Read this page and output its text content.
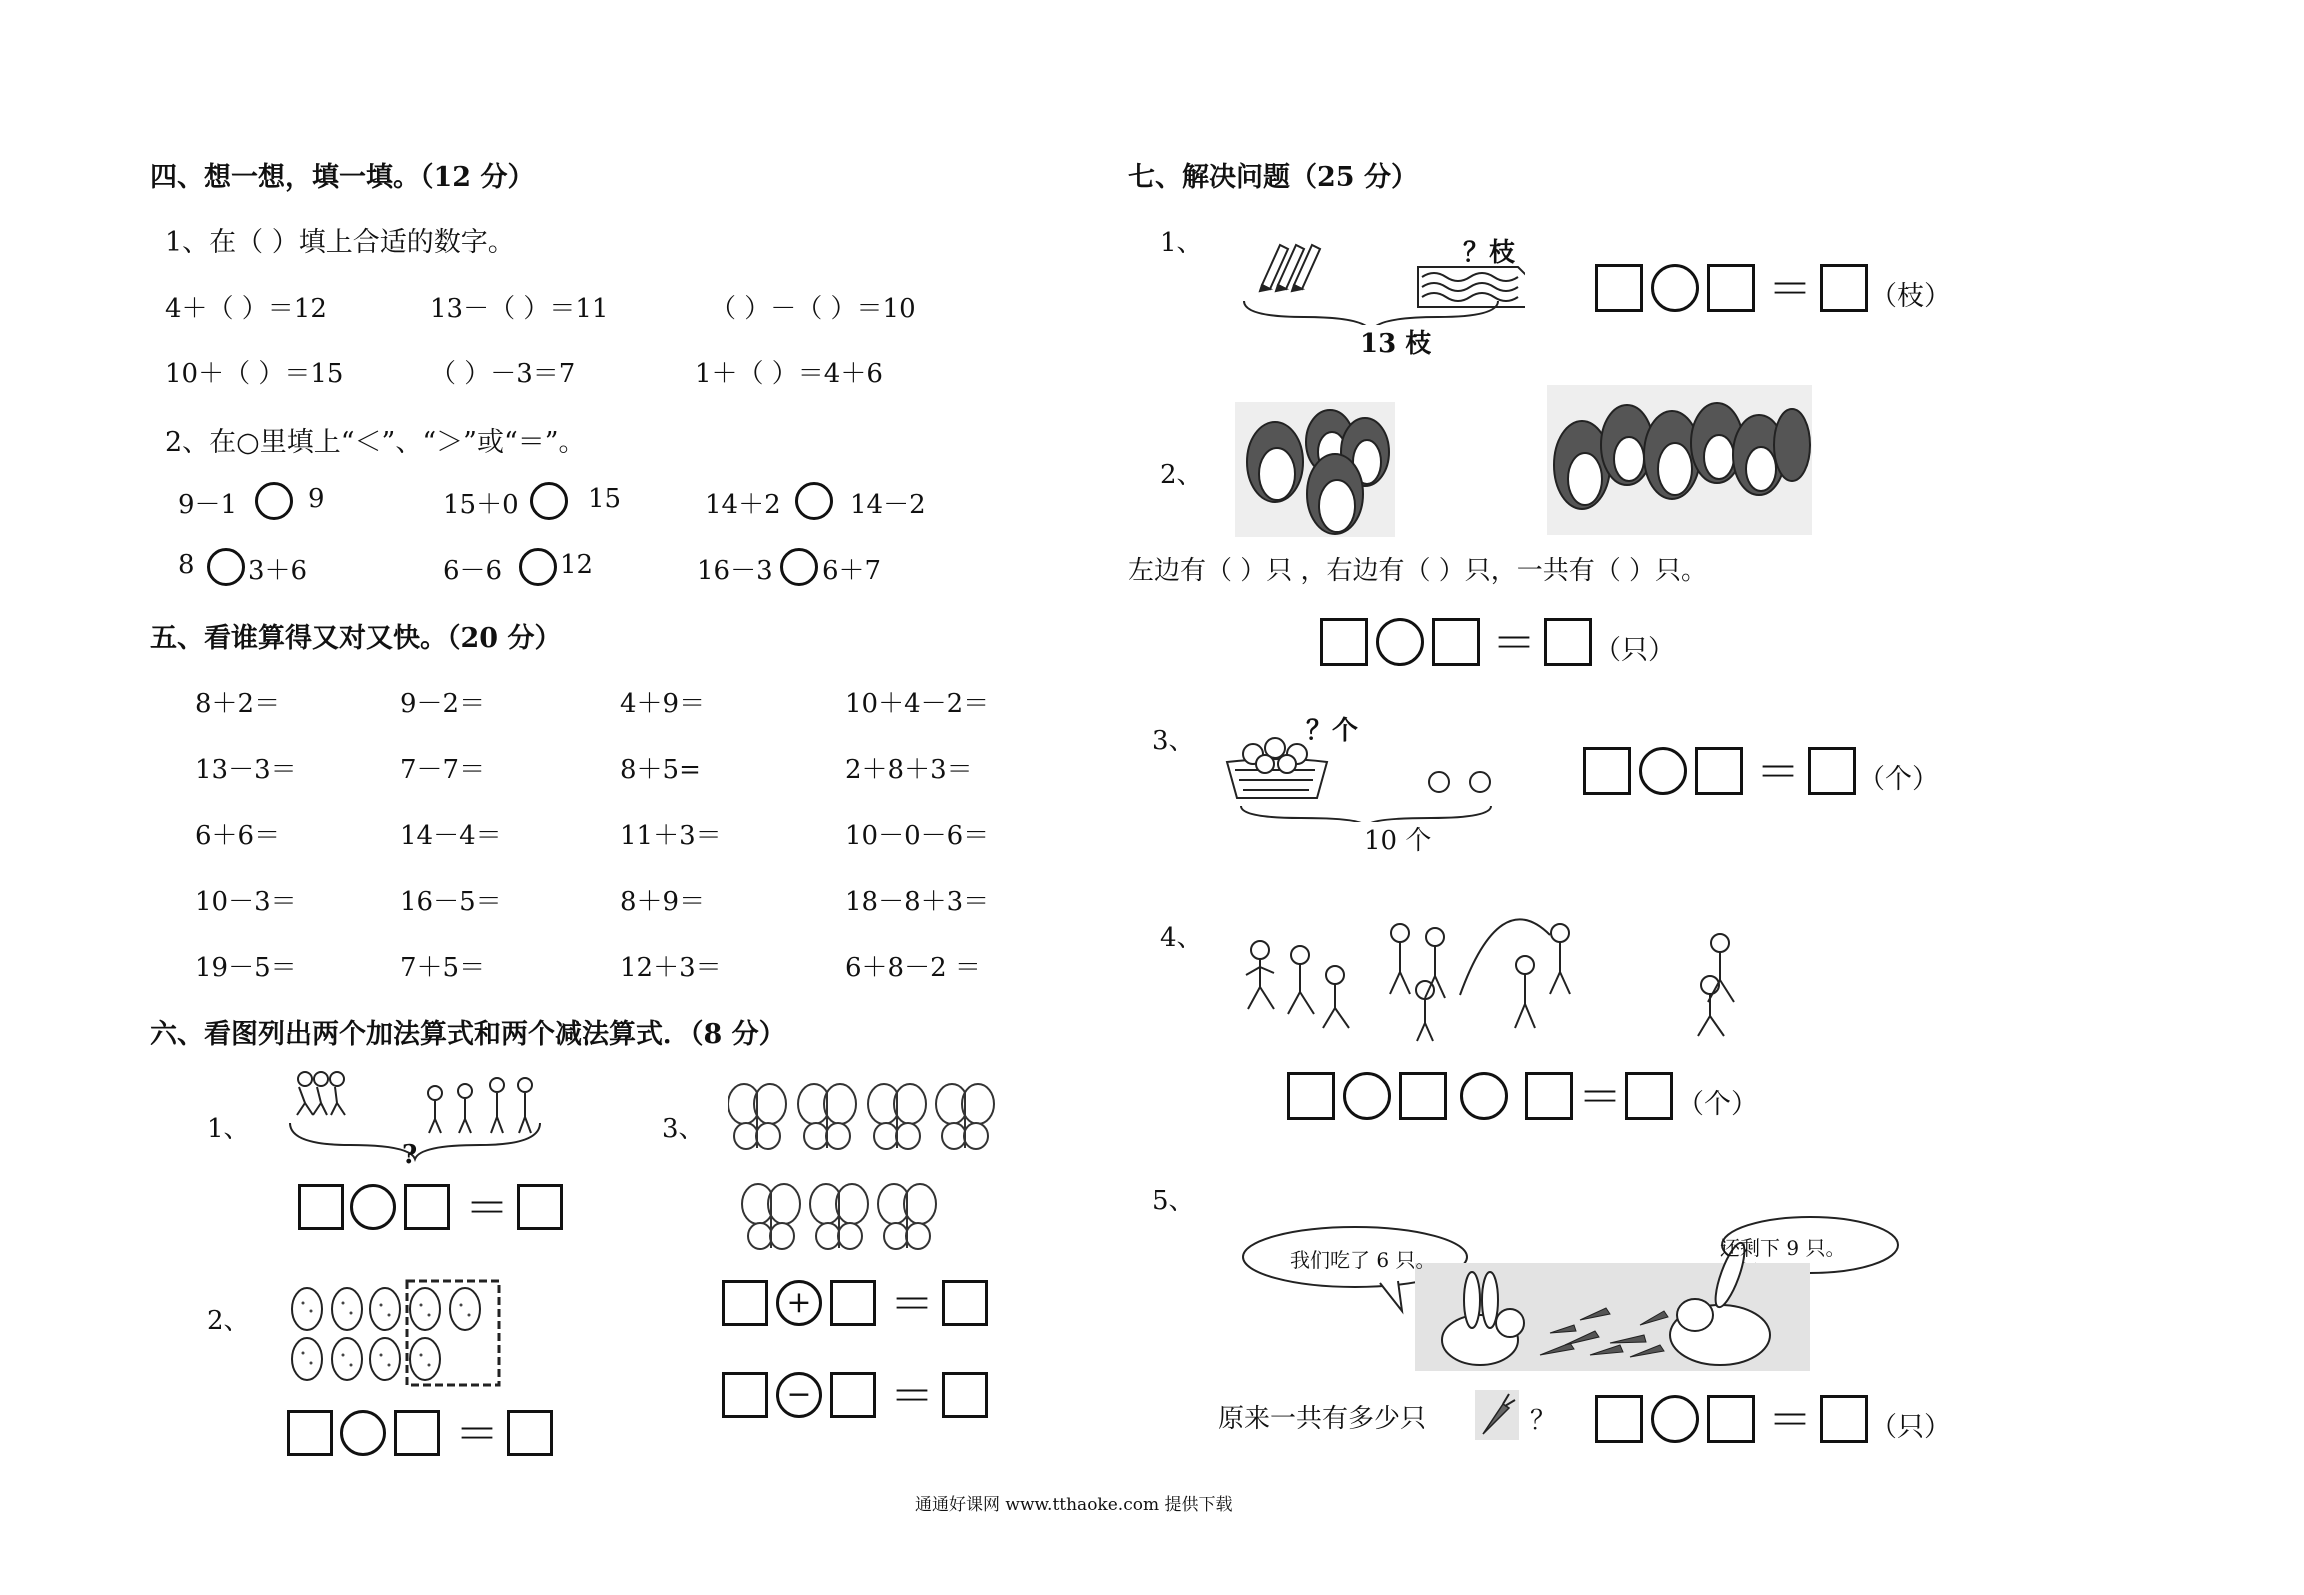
四、想一想，填一填。（12 分）
1、在（ ）填上合适的数字。
4＋（ ）＝12	13－（ ）＝11	（ ）－（ ）＝10
10＋（ ）＝15	（ ）－3＝7	1＋（ ）＝4＋6
2、在○里填上“＜”、“＞”或“＝”。
9－1	9	15＋0	15	14＋2	14－2
8 3＋6	6－6 12	16－3 6＋7
五、看谁算得又对又快。（20 分）
8＋2＝	9－2＝	4＋9＝	10＋4－2＝
13－3＝	7－7＝	8＋5=	2＋8＋3＝
6＋6＝	14－4＝	11＋3＝	10－0－6＝
10－3＝	16－5＝	8＋9＝	18－8＋3＝
19－5＝	7＋5＝	12＋3＝	6＋8－2 ＝
六、看图列出两个加法算式和两个减法算式．（8 分）
1、
?
＝
2、
＝
3、
+ ＝
− ＝
七、解决问题（25 分）
1、	？枝
13 枝
＝ （枝）
2、
左边有（ ）只 ，右边有（ ）只，一共有（ ）只。
＝ （只）
3、	？个
10 个
＝ （个）
4、
＝ （个）
5、
我们吃了 6 只。	还剩下 9 只。
原来一共有多少只	？	＝ （只）
通通好课网 www.tthaoke.com 提供下载
